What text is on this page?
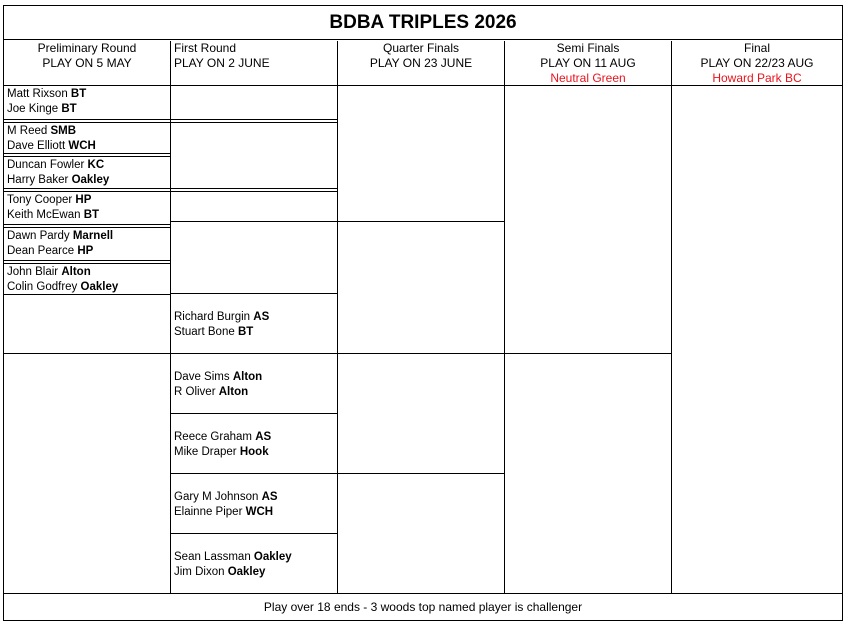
BDBA TRIPLES 2026
Preliminary Round
PLAY ON 5 MAY
First Round
PLAY ON 2 JUNE
Quarter Finals
PLAY ON 23 JUNE
Semi Finals
PLAY ON 11 AUG
Neutral Green
Final
PLAY ON 22/23 AUG
Howard Park BC
Matt Rixson BT
Joe Kinge BT
M Reed SMB
Dave Elliott WCH
Duncan Fowler KC
Harry Baker Oakley
Tony Cooper HP
Keith McEwan BT
Dawn Pardy Marnell
Dean Pearce HP
John Blair Alton
Colin Godfrey Oakley
Richard Burgin AS
Stuart Bone BT
Dave Sims Alton
R Oliver Alton
Reece Graham AS
Mike Draper Hook
Gary M Johnson AS
Elainne Piper WCH
Sean Lassman Oakley
Jim Dixon Oakley
Play over 18 ends - 3 woods top named player is challenger
